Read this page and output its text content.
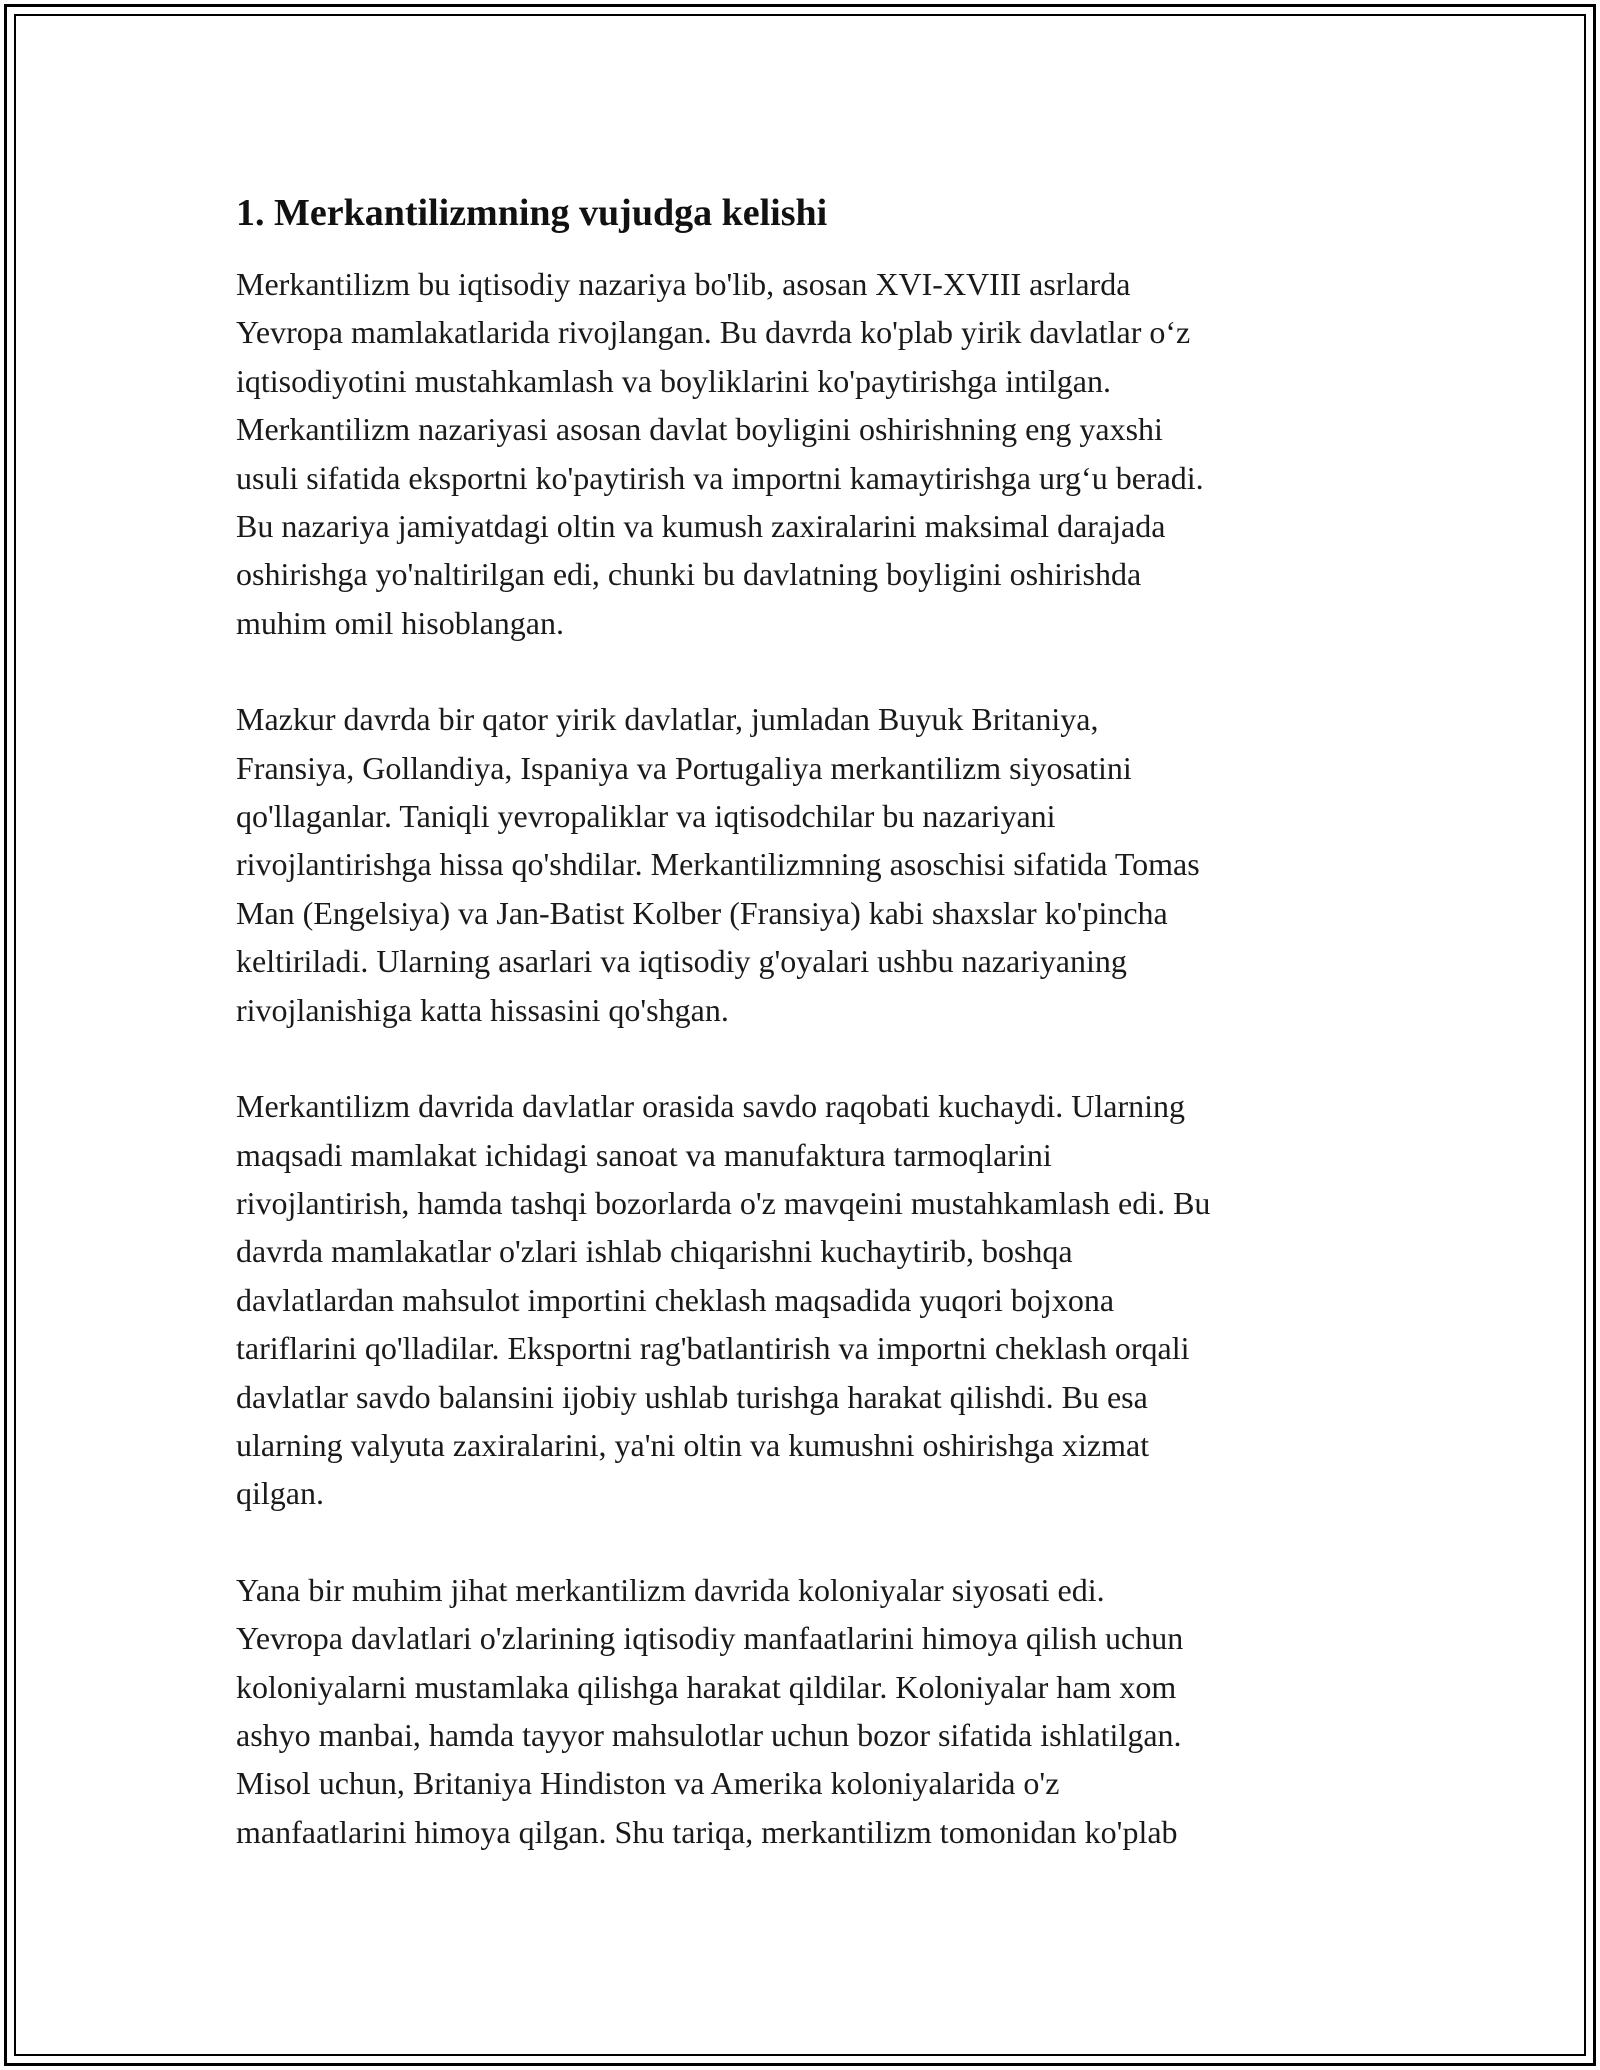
1. Merkantilizmning vujudga kelishi

Merkantilizm bu iqtisodiy nazariya bo'lib, asosan XVI-XVIII asrlarda
Yevropa mamlakatlarida rivojlangan. Bu davrda ko'plab yirik davlatlar o‘z
iqtisodiyotini mustahkamlash va boyliklarini ko'paytirishga intilgan.
Merkantilizm nazariyasi asosan davlat boyligini oshirishning eng yaxshi
usuli sifatida eksportni ko'paytirish va importni kamaytirishga urg‘u beradi.
Bu nazariya jamiyatdagi oltin va kumush zaxiralarini maksimal darajada
oshirishga yo'naltirilgan edi, chunki bu davlatning boyligini oshirishda
muhim omil hisoblangan.

Mazkur davrda bir qator yirik davlatlar, jumladan Buyuk Britaniya,
Fransiya, Gollandiya, Ispaniya va Portugaliya merkantilizm siyosatini
qo'llaganlar. Taniqli yevropaliklar va iqtisodchilar bu nazariyani
rivojlantirishga hissa qo'shdilar. Merkantilizmning asoschisi sifatida Tomas
Man (Engelsiya) va Jan-Batist Kolber (Fransiya) kabi shaxslar ko'pincha
keltiriladi. Ularning asarlari va iqtisodiy g'oyalari ushbu nazariyaning
rivojlanishiga katta hissasini qo'shgan.

Merkantilizm davrida davlatlar orasida savdo raqobati kuchaydi. Ularning
maqsadi mamlakat ichidagi sanoat va manufaktura tarmoqlarini
rivojlantirish, hamda tashqi bozorlarda o'z mavqeini mustahkamlash edi. Bu
davrda mamlakatlar o'zlari ishlab chiqarishni kuchaytirib, boshqa
davlatlardan mahsulot importini cheklash maqsadida yuqori bojxona
tariflarini qo'lladilar. Eksportni rag'batlantirish va importni cheklash orqali
davlatlar savdo balansini ijobiy ushlab turishga harakat qilishdi. Bu esa
ularning valyuta zaxiralarini, ya'ni oltin va kumushni oshirishga xizmat
qilgan.

Yana bir muhim jihat merkantilizm davrida koloniyalar siyosati edi.
Yevropa davlatlari o'zlarining iqtisodiy manfaatlarini himoya qilish uchun
koloniyalarni mustamlaka qilishga harakat qildilar. Koloniyalar ham xom
ashyo manbai, hamda tayyor mahsulotlar uchun bozor sifatida ishlatilgan.
Misol uchun, Britaniya Hindiston va Amerika koloniyalarida o'z
manfaatlarini himoya qilgan. Shu tariqa, merkantilizm tomonidan ko'plab
